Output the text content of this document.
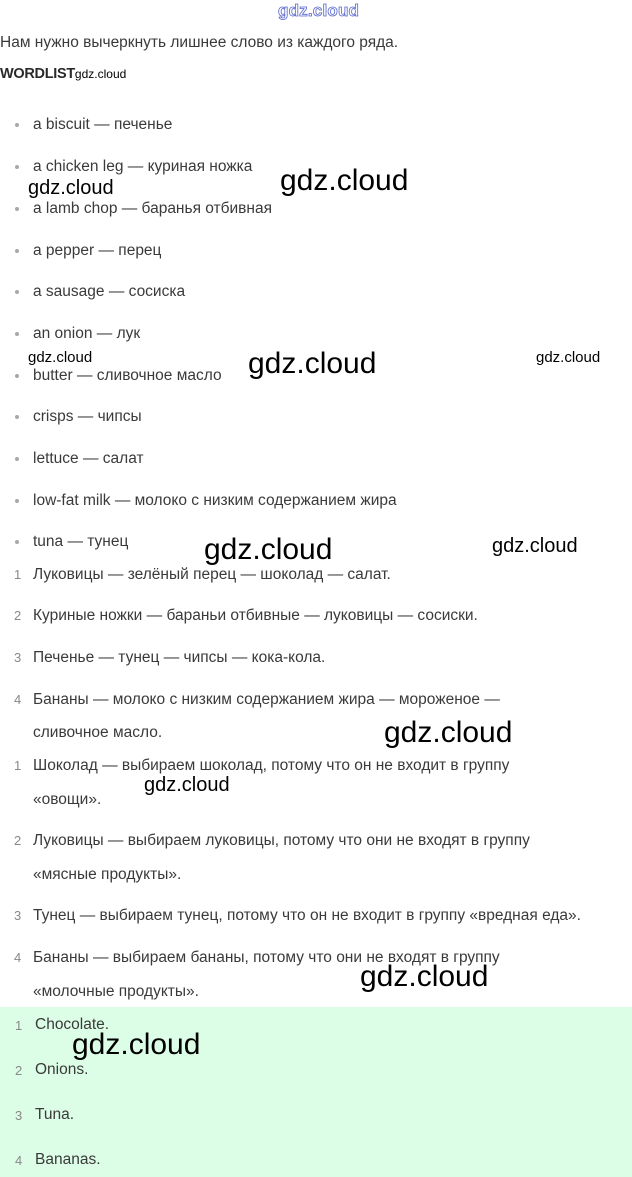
gdz.cloud
Нам нужно вычеркнуть лишнее слово из каждого ряда.
WORDLISTgdz.cloud
a biscuit — печенье
a chicken leg — куриная ножка
a lamb chop — баранья отбивная
a pepper — перец
a sausage — сосиска
an onion — лук
butter — сливочное масло
crisps — чипсы
lettuce — салат
low-fat milk — молоко с низким содержанием жира
tuna — тунец
1 Луковицы — зелёный перец — шоколад — салат.
2 Куриные ножки — бараньи отбивные — луковицы — сосиски.
3 Печенье — тунец — чипсы — кока-кола.
4 Бананы — молоко с низким содержанием жира — мороженое —
сливочное масло.
1 Шоколад — выбираем шоколад, потому что он не входит в группу
«овощи».
2 Луковицы — выбираем луковицы, потому что они не входят в группу
«мясные продукты».
3 Тунец — выбираем тунец, потому что он не входит в группу «вредная еда».
4 Бананы — выбираем бананы, потому что они не входят в группу
«молочные продукты».
1 Chocolate.
2 Onions.
3 Tuna.
4 Bananas.
gdz.cloud	gdz.cloud
gdz.cloud	gdz.cloud	gdz.cloud
gdz.cloud	gdz.cloud
gdz.cloud
gdz.cloud
gdz.cloud
gdz.cloud
